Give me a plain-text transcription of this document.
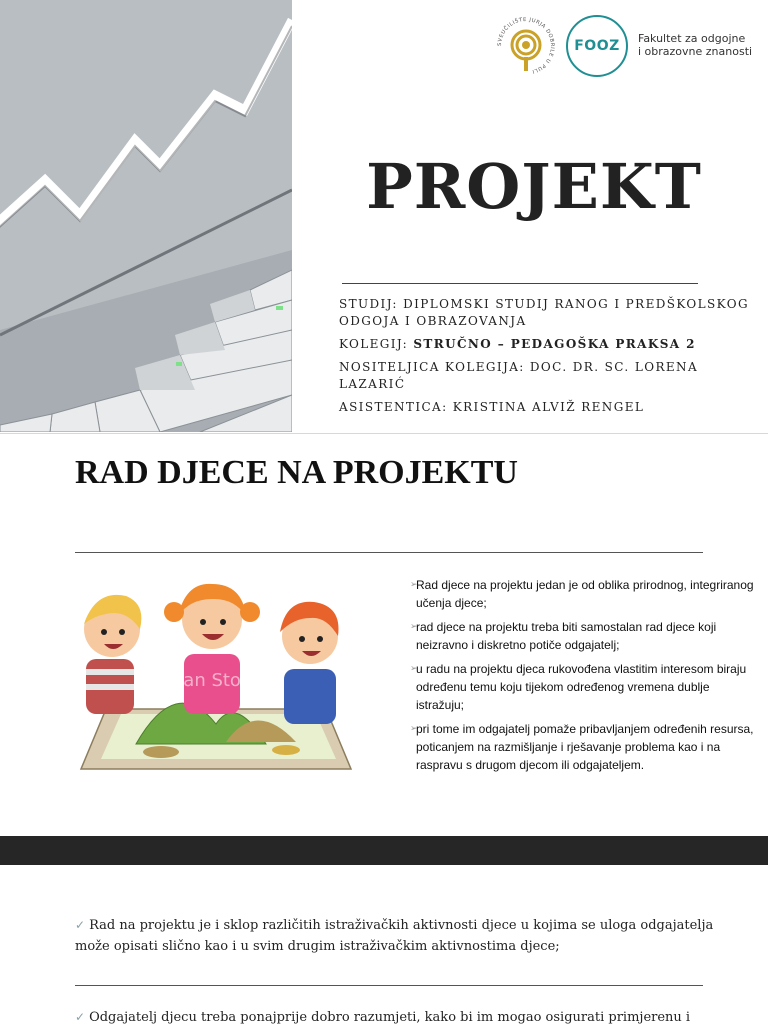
SVEUČILIŠTE JURJA DOBRILE U PULI
FOOZ Fakultet za odgojne
i obrazovne znanosti
PROJEKT
STUDIJ: DIPLOMSKI STUDIJ RANOG I PREDŠKOLSKOG ODGOJA I OBRAZOVANJA
KOLEGIJ: STRUČNO – PEDAGOŠKA PRAKSA 2
NOSITELJICA KOLEGIJA: DOC. DR. SC. LORENA LAZARIĆ
ASISTENTICA: KRISTINA ALVIŽ RENGEL
RAD DJECE NA PROJEKTU
Can Stock
➢
Rad djece na projektu jedan je od oblika prirodnog, integriranog učenja djece;
➢
rad djece na projektu treba biti samostalan rad djece koji neizravno i diskretno potiče odgajatelj;
➢
u radu na projektu djeca rukovođena vlastitim interesom biraju određenu temu koju tijekom određenog vremena dublje istražuju;
➢
pri tome im odgajatelj pomaže pribavljanjem određenih resursa, poticanjem na razmišljanje i rješavanje problema kao i na raspravu s drugom djecom ili odgajateljem.

✓ Rad na projektu je i sklop različitih istraživačkih aktivnosti djece u kojima se uloga odgajatelja može opisati slično kao i u svim drugim istraživačkim aktivnostima djece;

✓ Odgajatelj djecu treba ponajprije dobro razumjeti, kako bi im mogao osigurati primjerenu i
